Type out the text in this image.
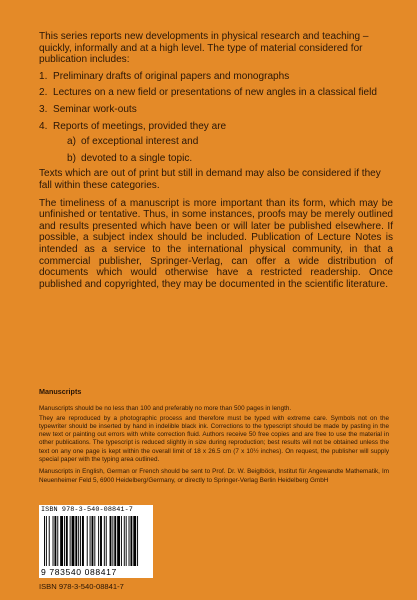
This series reports new developments in physical research and teaching – quickly, informally and at a high level. The type of material considered for publication includes:

1. Preliminary drafts of original papers and monographs
2. Lectures on a new field or presentations of new angles in a classical field
3. Seminar work-outs
4. Reports of meetings, provided they are
a) of exceptional interest and
b) devoted to a single topic.

Texts which are out of print but still in demand may also be considered if they fall within these categories.

The timeliness of a manuscript is more important than its form, which may be unfinished or tentative. Thus, in some instances, proofs may be merely outlined and results presented which have been or will later be published elsewhere. If possible, a subject index should be included. Publication of Lecture Notes is intended as a service to the international physical community, in that a commercial publisher, Springer-Verlag, can offer a wide distribution of documents which would otherwise have a restricted readership. Once published and copyrighted, they may be documented in the scientific literature.

Manuscripts

Manuscripts should be no less than 100 and preferably no more than 500 pages in length.

They are reproduced by a photographic process and therefore must be typed with extreme care. Symbols not on the typewriter should be inserted by hand in indelible black ink. Corrections to the typescript should be made by pasting in the new text or painting out errors with white correction fluid. Authors receive 50 free copies and are free to use the material in other publications. The typescript is reduced slightly in size during reproduction; best results will not be obtained unless the text on any one page is kept within the overall limit of 18 x 26.5 cm (7 x 10½ inches). On request, the publisher will supply special paper with the typing area outlined.

Manuscripts in English, German or French should be sent to Prof. Dr. W. Beiglböck, Institut für Angewandte Mathematik, Im Neuenheimer Feld 5, 6900 Heidelberg/Germany, or directly to Springer-Verlag Berlin Heidelberg GmbH

ISBN 978-3-540-08841-7
9 783540 088417
ISBN 978-3-540-08841-7
